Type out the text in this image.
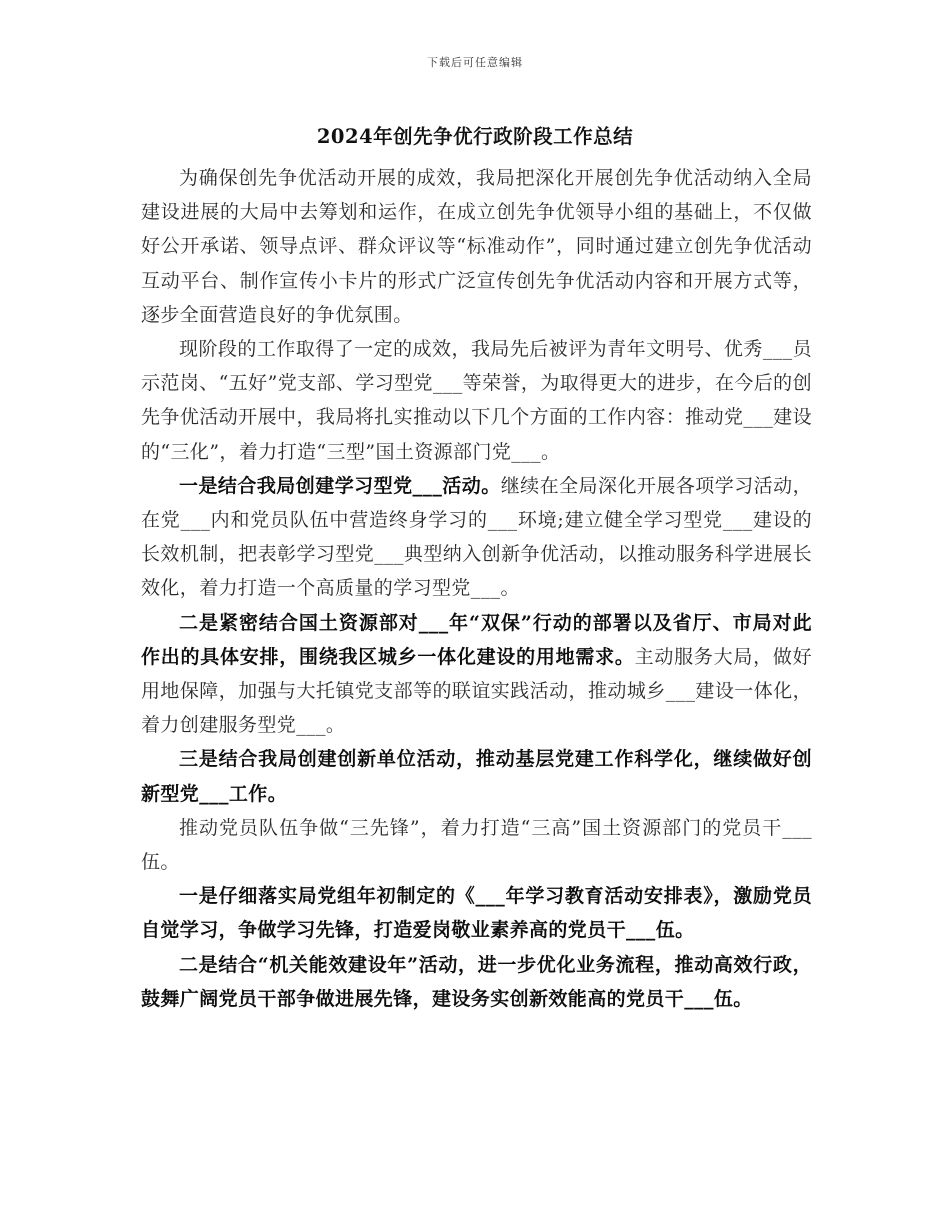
下载后可任意编辑
2024年创先争优行政阶段工作总结

为确保创先争优活动开展的成效，我局把深化开展创先争优活动纳入全局建设进展的大局中去筹划和运作，在成立创先争优领导小组的基础上，不仅做好公开承诺、领导点评、群众评议等“标准动作”，同时通过建立创先争优活动互动平台、制作宣传小卡片的形式广泛宣传创先争优活动内容和开展方式等，逐步全面营造良好的争优氛围。

现阶段的工作取得了一定的成效，我局先后被评为青年文明号、优秀___员示范岗、“五好”党支部、学习型党___等荣誉，为取得更大的进步，在今后的创先争优活动开展中，我局将扎实推动以下几个方面的工作内容：推动党___建设的“三化”，着力打造“三型”国土资源部门党___。

一是结合我局创建学习型党___活动。继续在全局深化开展各项学习活动，在党___内和党员队伍中营造终身学习的___环境;建立健全学习型党___建设的长效机制，把表彰学习型党___典型纳入创新争优活动，以推动服务科学进展长效化，着力打造一个高质量的学习型党___。

二是紧密结合国土资源部对___年“双保”行动的部署以及省厅、市局对此作出的具体安排，围绕我区城乡一体化建设的用地需求。主动服务大局，做好用地保障，加强与大托镇党支部等的联谊实践活动，推动城乡___建设一体化，着力创建服务型党___。

三是结合我局创建创新单位活动，推动基层党建工作科学化，继续做好创新型党___工作。

推动党员队伍争做“三先锋”，着力打造“三高”国土资源部门的党员干___伍。

一是仔细落实局党组年初制定的《___年学习教育活动安排表》，激励党员自觉学习，争做学习先锋，打造爱岗敬业素养高的党员干___伍。

二是结合“机关能效建设年”活动，进一步优化业务流程，推动高效行政，鼓舞广阔党员干部争做进展先锋，建设务实创新效能高的党员干___伍。
